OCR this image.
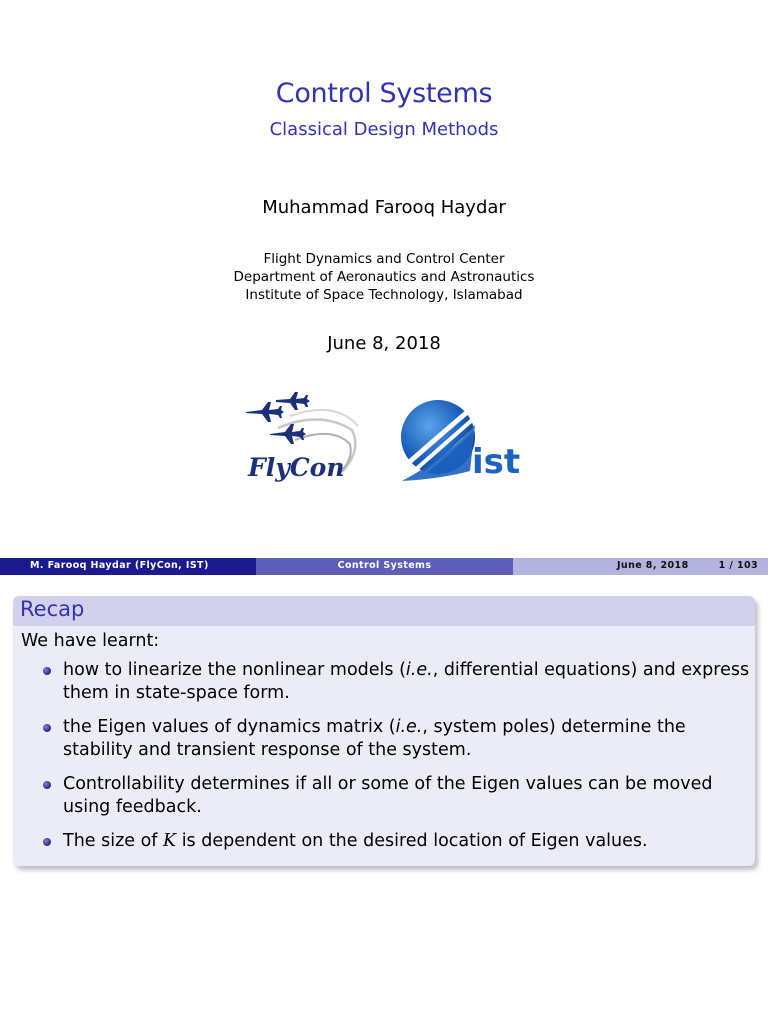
Control Systems
Classical Design Methods
Muhammad Farooq Haydar
Flight Dynamics and Control Center
Department of Aeronautics and Astronautics
Institute of Space Technology, Islamabad
June 8, 2018
FlyCon	ist
M. Farooq Haydar (FlyCon, IST)	Control Systems	June 8, 2018	1 / 103
Recap
We have learnt:
how to linearize the nonlinear models (i.e., differential equations) and express
them in state-space form.
the Eigen values of dynamics matrix (i.e., system poles) determine the
stability and transient response of the system.
Controllability determines if all or some of the Eigen values can be moved
using feedback.
The size of K is dependent on the desired location of Eigen values.
